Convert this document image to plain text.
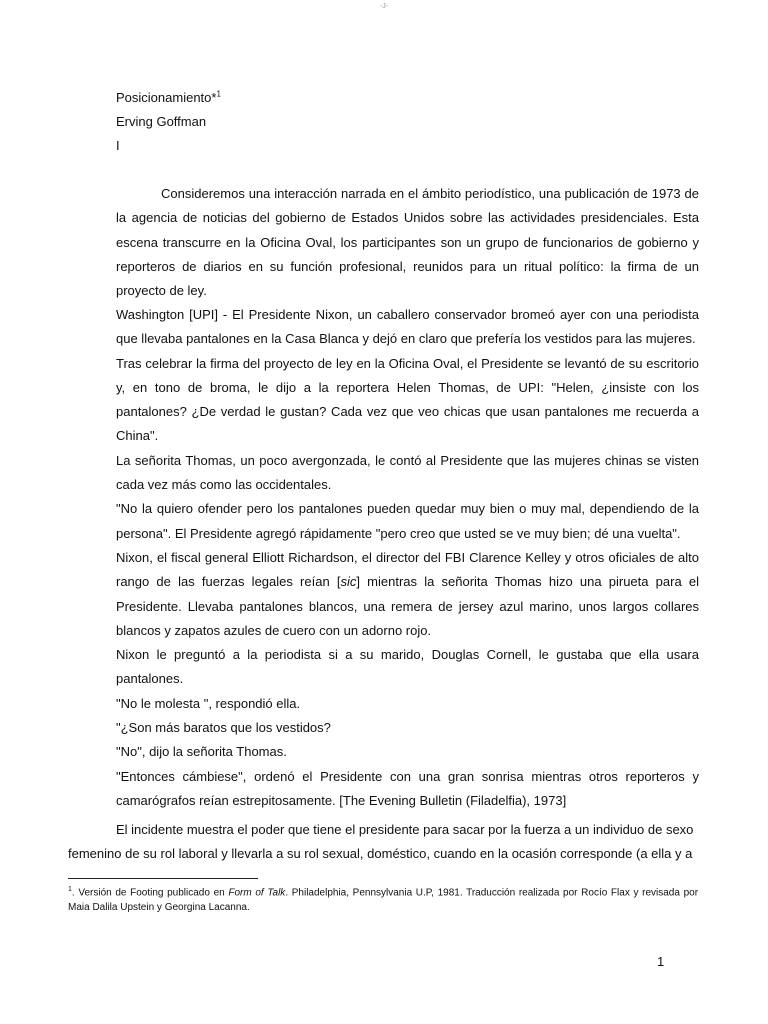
-J-
Posicionamiento*$^1$
Erving Goffman
I

Consideremos una interacción narrada en el ámbito periodístico, una publicación de 1973 de la agencia de noticias del gobierno de Estados Unidos sobre las actividades presidenciales. Esta escena transcurre en la Oficina Oval, los participantes son un grupo de funcionarios de gobierno y reporteros de diarios en su función profesional, reunidos para un ritual político: la firma de un proyecto de ley.

Washington [UPI] - El Presidente Nixon, un caballero conservador bromeó ayer con una periodista que llevaba pantalones en la Casa Blanca y dejó en claro que prefería los vestidos para las mujeres.

Tras celebrar la firma del proyecto de ley en la Oficina Oval, el Presidente se levantó de su escritorio y, en tono de broma, le dijo a la reportera Helen Thomas, de UPI: "Helen, ¿insiste con los pantalones? ¿De verdad le gustan? Cada vez que veo chicas que usan pantalones me recuerda a China".

La señorita Thomas, un poco avergonzada, le contó al Presidente que las mujeres chinas se visten cada vez más como las occidentales.

"No la quiero ofender pero los pantalones pueden quedar muy bien o muy mal, dependiendo de la persona". El Presidente agregó rápidamente "pero creo que usted se ve muy bien; dé una vuelta".

Nixon, el fiscal general Elliott Richardson, el director del FBI Clarence Kelley y otros oficiales de alto rango de las fuerzas legales reían [sic] mientras la señorita Thomas hizo una pirueta para el Presidente. Llevaba pantalones blancos, una remera de jersey azul marino, unos largos collares blancos y zapatos azules de cuero con un adorno rojo.

Nixon le preguntó a la periodista si a su marido, Douglas Cornell, le gustaba que ella usara pantalones.

"No le molesta ", respondió ella.

"¿Son más baratos que los vestidos?

"No", dijo la señorita Thomas.

"Entonces cámbiese", ordenó el Presidente con una gran sonrisa mientras otros reporteros y camarógrafos reían estrepitosamente. [The Evening Bulletin (Filadelfia), 1973]

El incidente muestra el poder que tiene el presidente para sacar por la fuerza a un individuo de sexo

femenino de su rol laboral y llevarla a su rol sexual, doméstico, cuando en la ocasión corresponde (a ella y a

$^1$. Versión de Footing publicado en Form of Talk. Philadelphia, Pennsylvania U.P, 1981. Traducción realizada por Rocío Flax y revisada por Maia Dalila Upstein y Georgina Lacanna.
1
